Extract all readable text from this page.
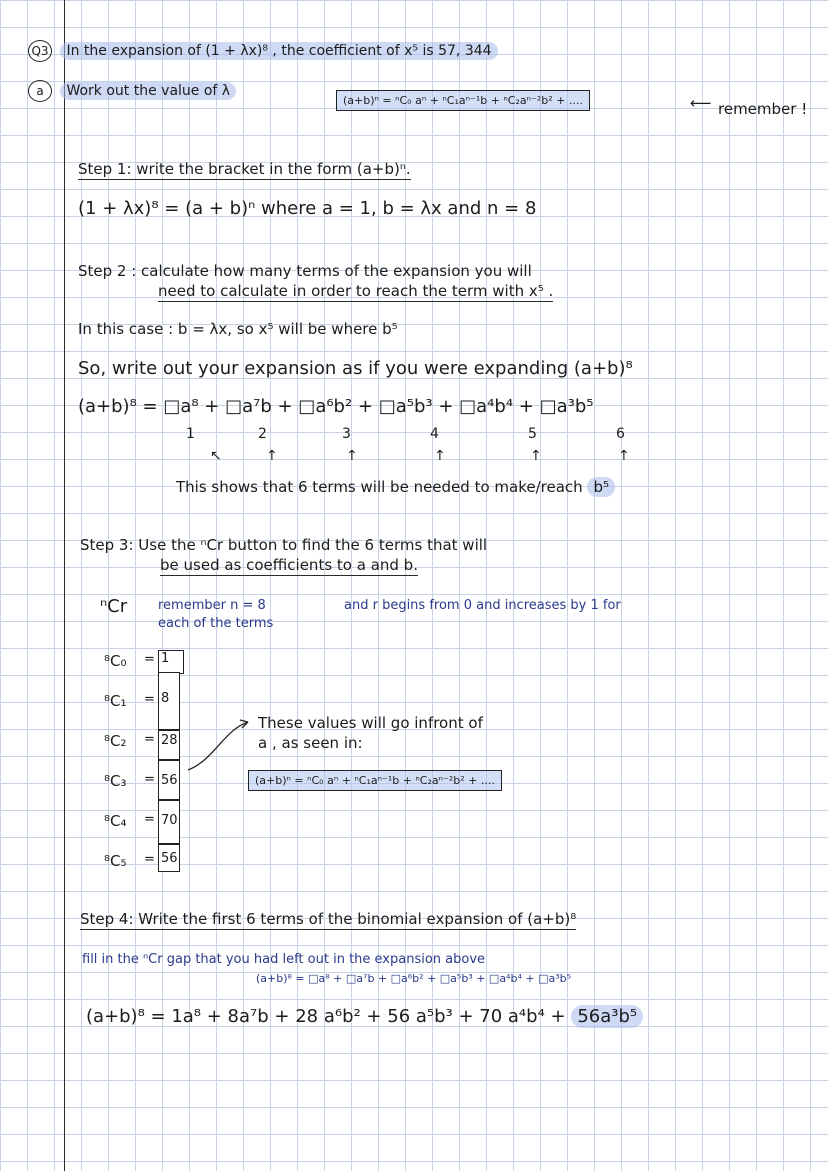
Q3 In the expansion of (1 + λx)⁸ , the coefficient of x⁵ is 57, 344
a Work out the value of λ
(a+b)ⁿ = ⁿC₀ aⁿ + ⁿC₁aⁿ⁻¹b + ⁿC₂aⁿ⁻²b² + ....	⟵ remember !
Step 1: write the bracket in the form (a+b)ⁿ.
(1 + λx)⁸ = (a + b)ⁿ where a = 1, b = λx and n = 8
Step 2 : calculate how many terms of the expansion you will
need to calculate in order to reach the term with x⁵ .
In this case : b = λx, so x⁵ will be where b⁵
So, write out your expansion as if you were expanding (a+b)⁸
(a+b)⁸ = □a⁸ + □a⁷b + □a⁶b² + □a⁵b³ + □a⁴b⁴ + □a³b⁵
1	2	3	4	5	6
↖	↑	↑	↑	↑	↑
This shows that 6 terms will be needed to make/reach b⁵
Step 3: Use the ⁿCr button to find the 6 terms that will
be used as coefficients to a and b.
ⁿCr remember n = 8	and r begins from 0 and increases by 1 for
each of the terms
⁸C₀ = 1
⁸C₁ = 8
⁸C₂ = 28
⁸C₃ = 56
⁸C₄ = 70
⁸C₅ = 56
These values will go infront of
a , as seen in:
(a+b)ⁿ = ⁿC₀ aⁿ + ⁿC₁aⁿ⁻¹b + ⁿC₂aⁿ⁻²b² + ....
Step 4: Write the first 6 terms of the binomial expansion of (a+b)⁸
fill in the ⁿCr gap that you had left out in the expansion above
(a+b)⁸ = □a⁸ + □a⁷b + □a⁶b² + □a⁵b³ + □a⁴b⁴ + □a³b⁵
(a+b)⁸ = 1a⁸ + 8a⁷b + 28 a⁶b² + 56 a⁵b³ + 70 a⁴b⁴ + 56a³b⁵
